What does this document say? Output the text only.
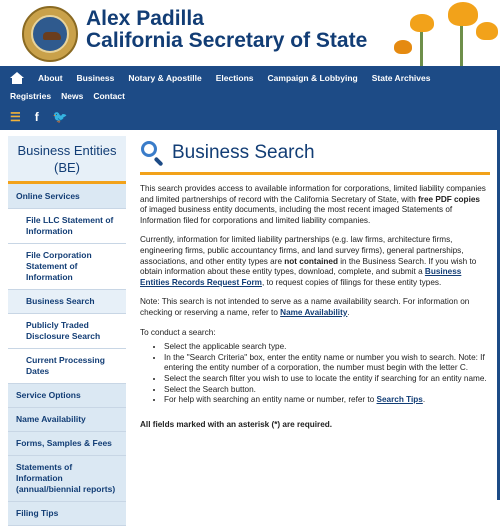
Alex Padilla
California Secretary of State
About Business Notary & Apostille Elections Campaign & Lobbying State Archives
Registries News Contact
☰ f 🐦
Business Entities (BE)
Online Services
File LLC Statement of Information
File Corporation Statement of Information
Business Search
Publicly Traded Disclosure Search
Current Processing Dates
Service Options
Name Availability
Forms, Samples & Fees
Statements of Information (annual/biennial reports)
Filing Tips
Business Search

This search provides access to available information for corporations, limited liability companies and limited partnerships of record with the California Secretary of State, with free PDF copies of imaged business entity documents, including the most recent imaged Statements of Information filed for corporations and limited liability companies.

Currently, information for limited liability partnerships (e.g. law firms, architecture firms, engineering firms, public accountancy firms, and land survey firms), general partnerships, associations, and other entity types are not contained in the Business Search. If you wish to obtain information about these entity types, download, complete, and submit a Business Entities Records Request Form, to request copies of filings for these entity types.

Note: This search is not intended to serve as a name availability search. For information on checking or reserving a name, refer to Name Availability.

To conduct a search:

• Select the applicable search type.
• In the "Search Criteria" box, enter the entity name or number you wish to search. Note: If entering the entity number of a corporation, the number must begin with the letter C.
• Select the search filter you wish to use to locate the entity if searching for an entity name.
• Select the Search button.
• For help with searching an entity name or number, refer to Search Tips.

All fields marked with an asterisk (*) are required.
